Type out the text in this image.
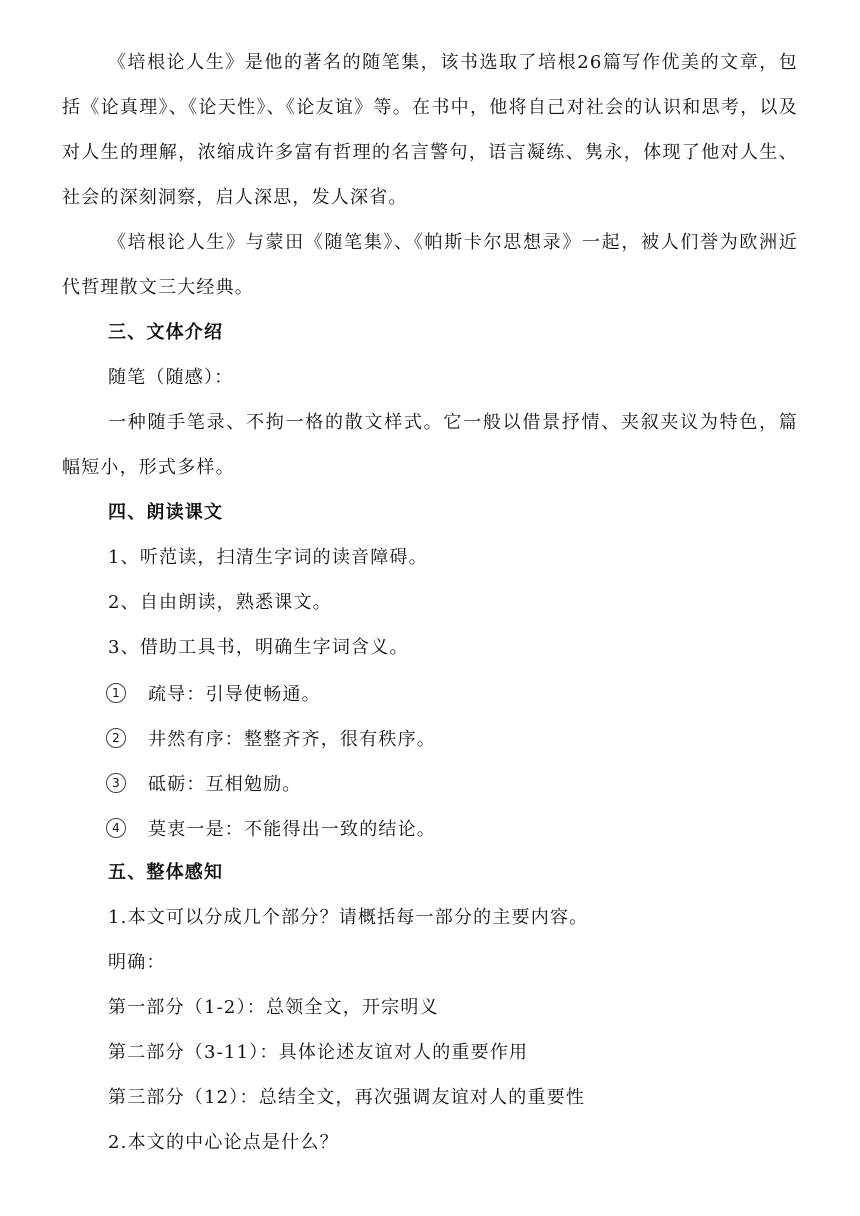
《培根论人生》是他的著名的随笔集，该书选取了培根26篇写作优美的文章，包括《论真理》、《论天性》、《论友谊》等。在书中，他将自己对社会的认识和思考，以及对人生的理解，浓缩成许多富有哲理的名言警句，语言凝练、隽永，体现了他对人生、社会的深刻洞察，启人深思，发人深省。

《培根论人生》与蒙田《随笔集》、《帕斯卡尔思想录》一起，被人们誉为欧洲近代哲理散文三大经典。

三、文体介绍

随笔（随感）：

一种随手笔录、不拘一格的散文样式。它一般以借景抒情、夹叙夹议为特色，篇幅短小，形式多样。

四、朗读课文

1、听范读，扫清生字词的读音障碍。

2、自由朗读，熟悉课文。

3、借助工具书，明确生字词含义。

1	疏导：引导使畅通。
2	井然有序：整整齐齐，很有秩序。
3	砥砺：互相勉励。
4	莫衷一是：不能得出一致的结论。

五、整体感知

1.本文可以分成几个部分？请概括每一部分的主要内容。

明确：

第一部分（1-2）：总领全文，开宗明义

第二部分（3-11）：具体论述友谊对人的重要作用

第三部分（12）：总结全文，再次强调友谊对人的重要性

2.本文的中心论点是什么？
